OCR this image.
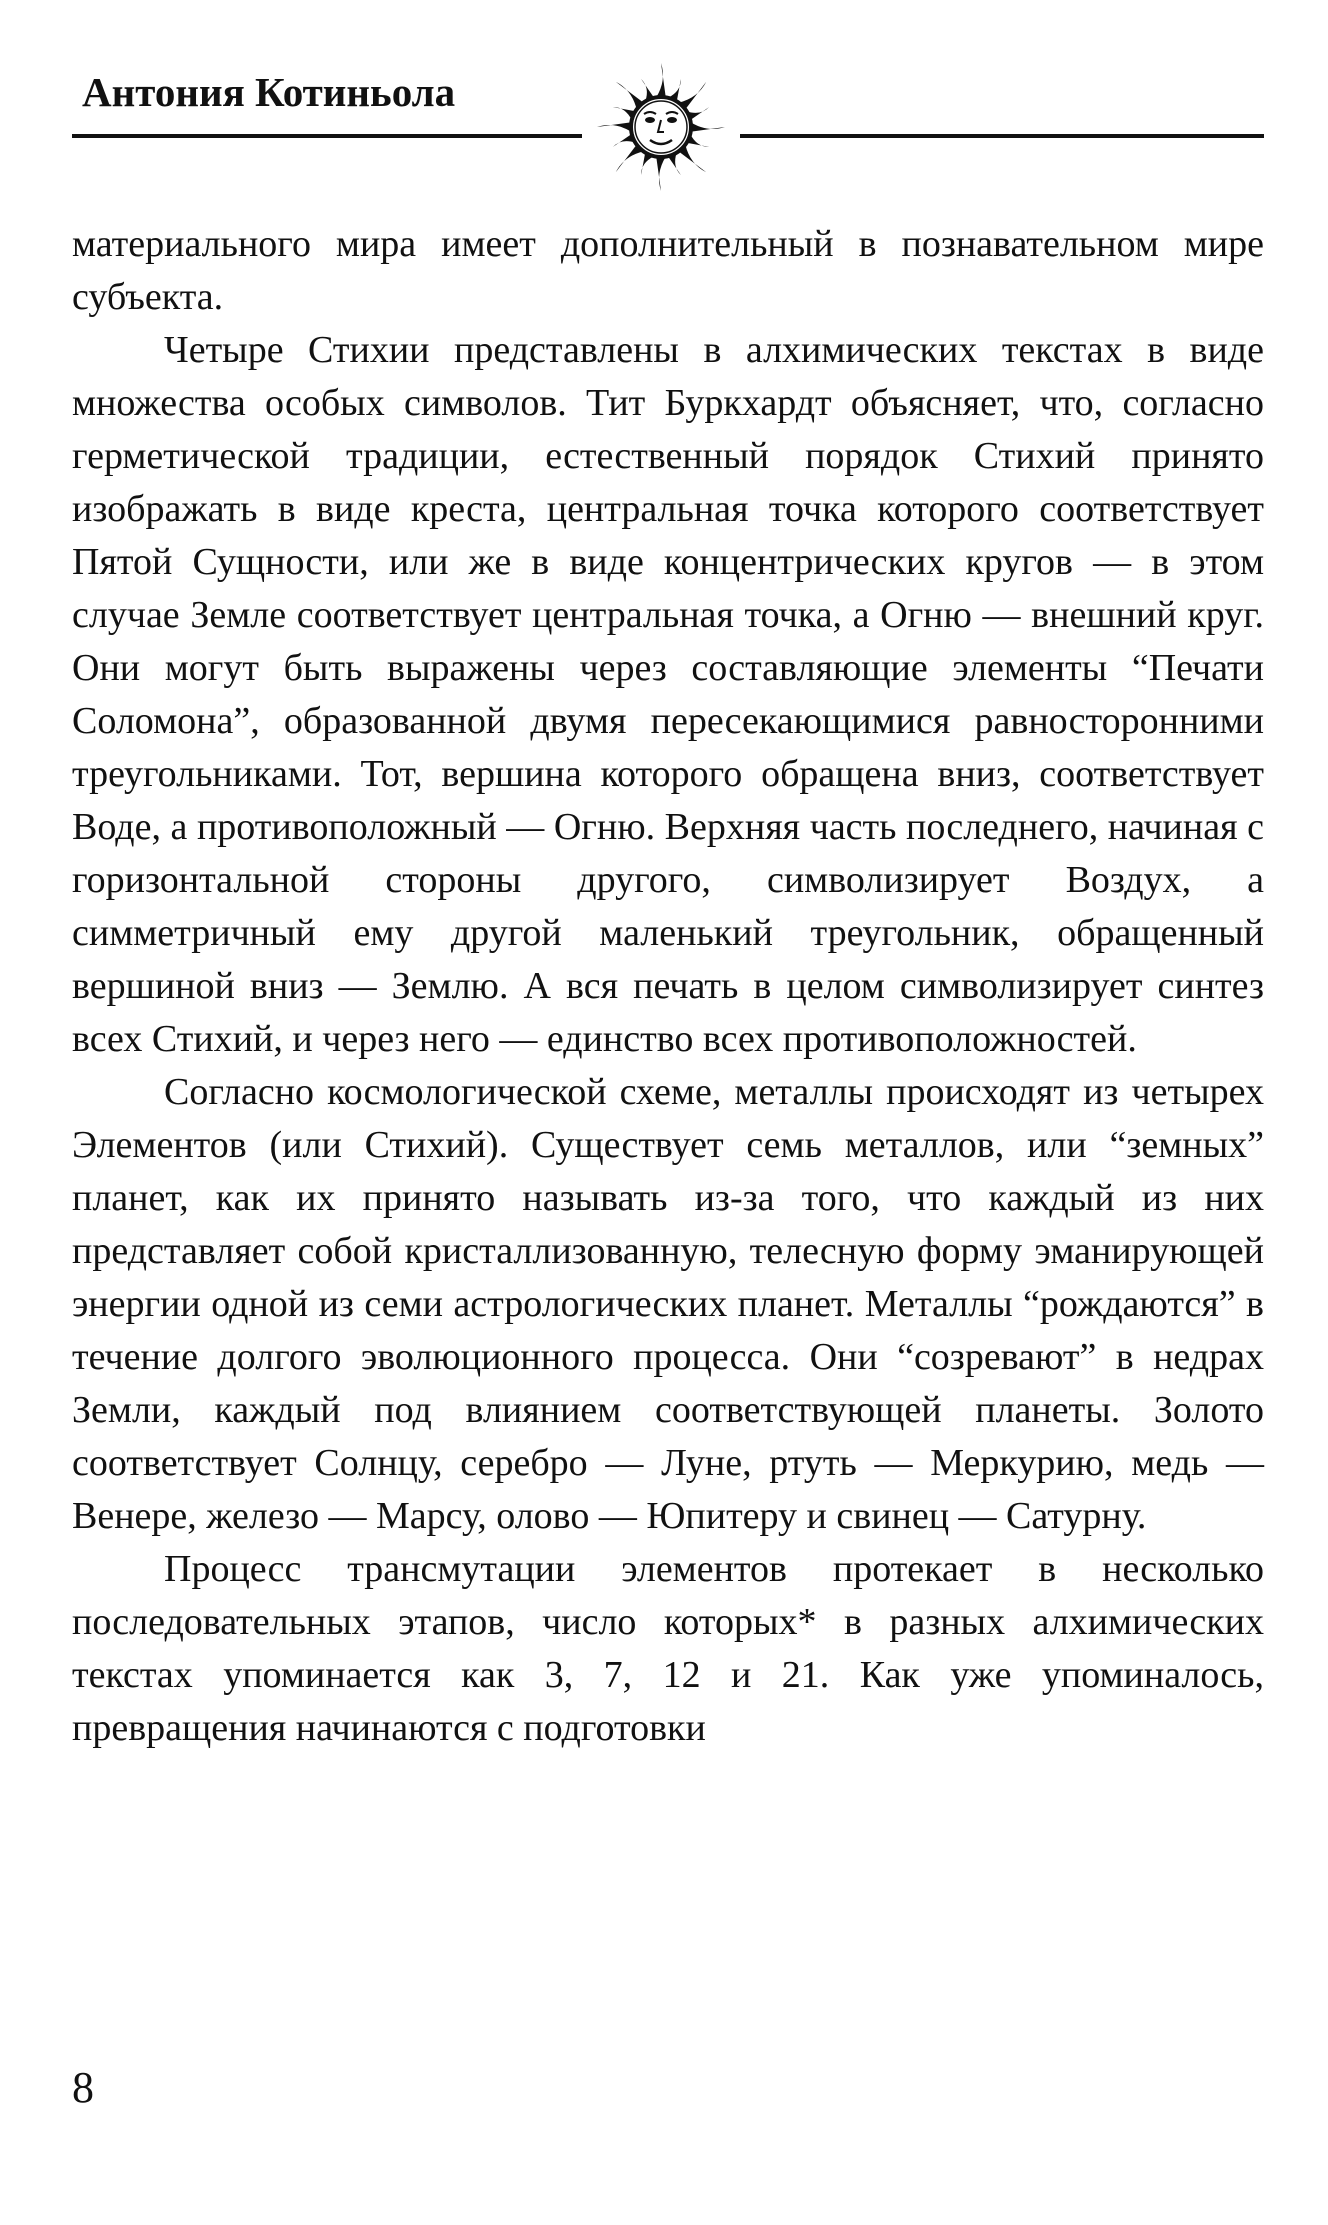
Антония Котиньола

материального мира имеет дополнительный в познавательном мире субъекта.

Четыре Стихии представлены в алхимических текстах в виде множества особых символов. Тит Буркхардт объясняет, что, согласно герметической традиции, естественный порядок Стихий принято изображать в виде креста, центральная точка которого соответствует Пятой Сущности, или же в виде концентрических кругов — в этом случае Земле соответствует центральная точка, а Огню — внешний круг. Они могут быть выражены через составляющие элементы “Печати Соломона”, образованной двумя пересекающимися равносторонними треугольниками. Тот, вершина которого обращена вниз, соответствует Воде, а противоположный — Огню. Верхняя часть последнего, начиная с горизонтальной стороны другого, символизирует Воздух, а симметричный ему другой маленький треугольник, обращенный вершиной вниз — Землю. А вся печать в целом символизирует синтез всех Стихий, и через него — единство всех противоположностей.

Согласно космологической схеме, металлы происходят из четырех Элементов (или Стихий). Существует семь металлов, или “земных” планет, как их принято называть из-за того, что каждый из них представляет собой кристаллизованную, телесную форму эманирующей энергии одной из семи астрологических планет. Металлы “рождаются” в течение долгого эволюционного процесса. Они “созревают” в недрах Земли, каждый под влиянием соответствующей планеты. Золото соответствует Солнцу, серебро — Луне, ртуть — Меркурию, медь — Венере, железо — Марсу, олово — Юпитеру и свинец — Сатурну.

Процесс трансмутации элементов протекает в несколько последовательных этапов, число которых* в разных алхимических текстах упоминается как 3, 7, 12 и 21. Как уже упоминалось, превращения начинаются с подготовки

8
